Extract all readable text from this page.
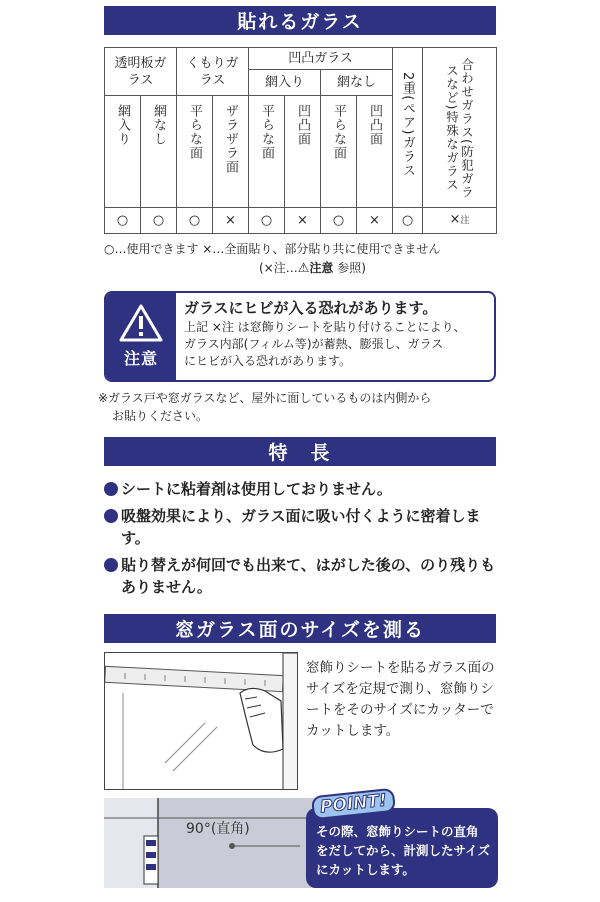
貼れるガラス
透明板ガラス		くもりガラス		凹凸ガラス				2重(ペア)ガラス	合わせガラス(防犯ガラスなど)特殊なガラス
				網入り		網なし			
網入り	網なし	平らな面	ザラザラ面	平らな面	凹凸面	平らな面	凹凸面		
○	○	○	×	○	×	○	×	○	×注
○…使用できます ×…全面貼り、部分貼り共に使用できません
(×注…⚠注意 参照)
注意
ガラスにヒビが入る恐れがあります。
上記 ×注 は窓飾りシートを貼り付けることにより、
ガラス内部(フィルム等)が蓄熱、膨張し、ガラス
にヒビが入る恐れがあります。
※ガラス戸や窓ガラスなど、屋外に面しているものは内側から
お貼りください。
特　長
シートに粘着剤は使用しておりません。
吸盤効果により、ガラス面に吸い付くように密着します。
貼り替えが何回でも出来て、はがした後の、のり残りもありません。
窓ガラス面のサイズを測る
窓飾りシートを貼るガラス面のサイズを定規で測り、窓飾りシートをそのサイズにカッターでカットします。
90°(直角)	その際、窓飾りシートの直角をだしてから、計測したサイズにカットします。
POINT!
